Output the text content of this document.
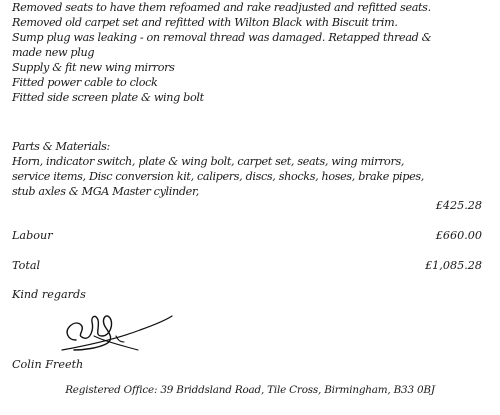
Removed seats to have them refoamed and rake readjusted and refitted seats.
Removed old carpet set and refitted with Wilton Black with Biscuit trim.
Sump plug was leaking - on removal thread was damaged. Retapped thread &
made new plug
Supply & fit new wing mirrors
Fitted power cable to clock
Fitted side screen plate & wing bolt
Parts & Materials:
Horn, indicator switch, plate & wing bolt, carpet set, seats, wing mirrors,
service items, Disc conversion kit, calipers, discs, shocks, hoses, brake pipes,
stub axles & MGA Master cylinder,
£425.28
Labour	£660.00
Total	£1,085.28
Kind regards
Colin Freeth
Registered Office: 39 Briddsland Road, Tile Cross, Birmingham, B33 0BJ
